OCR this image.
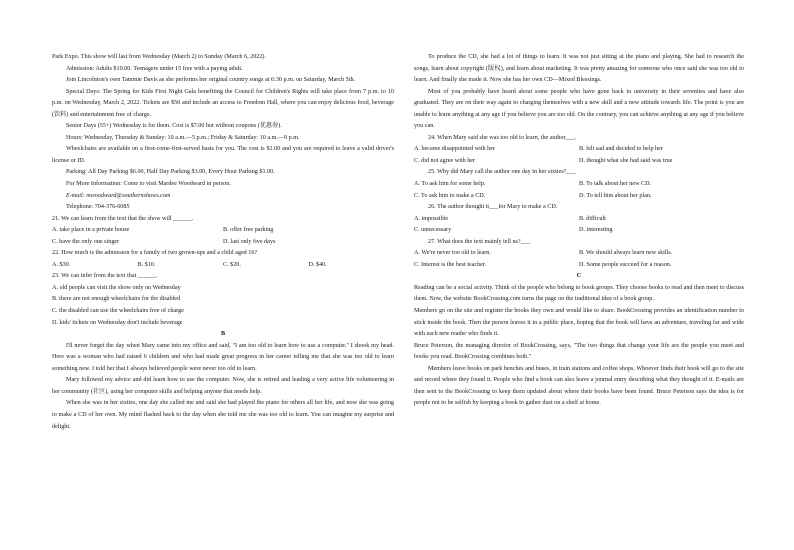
Park Expo. This show will last from Wednesday (March 2) to Sunday (March 6, 2022).

Admission: Adults $10.00. Teenagers under 15 free with a paying adult.

Join Lincolnton's own Tammie Davis as she performs her original country songs at 6:30 p.m. on Saturday, March 5th.

Special Days: The Spring for Kids First Night Gala benefiting the Council for Children's Rights will take place from 7 p.m. to 10 p.m. on Wednesday, March 2, 2022. Tickets are $50 and include an access to Freedom Hall, where you can enjoy delicious food, beverage (饮料) and entertainment free of charge.

Senior Days (55+) Wednesday is for them. Cost is $7.00 but without coupons (优惠券).

Hours: Wednesday, Thursday & Sunday: 10 a.m.—5 p.m.; Friday & Saturday: 10 a.m.—9 p.m.

Wheelchairs are available on a first-come-first-served basis for you. The cost is $1.00 and you are required to leave a valid driver's license or ID.

Parking: All Day Parking $6.00, Half Day Parking $3.00, Every Hour Parking $1.00.

For More Information: Come to visit Mardee Woodward in person.

E-mail: mwoodward@southernshows.com

Telephone: 704-376-6085

21. We can learn from the text that the show will ______.

A. take place in a private house	B. offer free parking
C. have the only one singer	D. last only five days

22. How much is the admission for a family of two grown-ups and a child aged 16?

A. $30.	B. $10.	C. $20.	D. $40.

23. We can infer from the text that ______.

A. old people can visit the show only on Wednesday

B. there are not enough wheelchairs for the disabled

C. the disabled can use the wheelchairs free of charge

D. kids' tickets on Wednesday don't include beverage

B

I'll never forget the day when Mary came into my office and said, "I am too old to learn how to use a computer." I shook my head. Here was a woman who had raised 6 children and who had made great progress in her career telling me that she was too old to learn something new. I told her that I always believed people were never too old to learn.

Mary followed my advice and did learn how to use the computer. Now, she is retired and leading a very active life volunteering in her community (社区), using her computer skills and helping anyone that needs help.

When she was in her sixties, one day she called me and said she had played the piano for others all her life, and now she was going to make a CD of her own. My mind flashed back to the day when she told me she was too old to learn. You can imagine my surprise and delight.

To produce the CD, she had a lot of things to learn. It was not just sitting at the piano and playing. She had to research the songs, learn about copyright (版权), and learn about marketing. It was pretty amazing for someone who once said she was too old to learn. And finally she made it. Now she has her own CD—Mixed Blessings.

Most of you probably have heard about some people who have gone back to university in their seventies and have also graduated. They are on their way again to charging themselves with a new skill and a new attitude towards life. The point is you are unable to learn anything at any age if you believe you are too old. On the contrary, you can achieve anything at any age if you believe you can.

24. When Mary said she was too old to learn, the author___.

A. became disappointed with her	B. felt sad and decided to help her
C. did not agree with her	D. thought what she had said was true

25. Why did Mary call the author one day in her sixties?___

A. To ask him for some help.	B. To talk about her new CD.
C. To ask him to make a CD.	D. To tell him about her plan.

26. The author thought it___for Mary to make a CD.

A. impossible	B. difficult
C. unnecessary	D. interesting

27. What does the text mainly tell us?___

A. We're never too old to learn.	B. We should always learn new skills.
C. Interest is the best teacher.	D. Some people succeed for a reason.

C

Reading can be a social activity. Think of the people who belong to book groups. They choose books to read and then meet to discuss them. Now, the website BookCrossing.com turns the page on the traditional idea of a book group.

Members go on the site and register the books they own and would like to share. BookCrossing provides an identification number to stick inside the book. Then the person leaves it in a public place, hoping that the book will have an adventure, traveling far and wide with each new reader who finds it.

Bruce Peterson, the managing director of BookCrossing, says, "The two things that change your life are the people you meet and books you read. BookCrossing combines both."

Members leave books on park benches and buses, in train stations and coffee shops. Whoever finds their book will go to the site and record where they found it. People who find a book can also leave a journal entry describing what they thought of it. E-mails are then sent to the BookCrossing to keep them updated about where their books have been found. Bruce Peterson says the idea is for people not to be selfish by keeping a book to gather dust on a shelf at home.
